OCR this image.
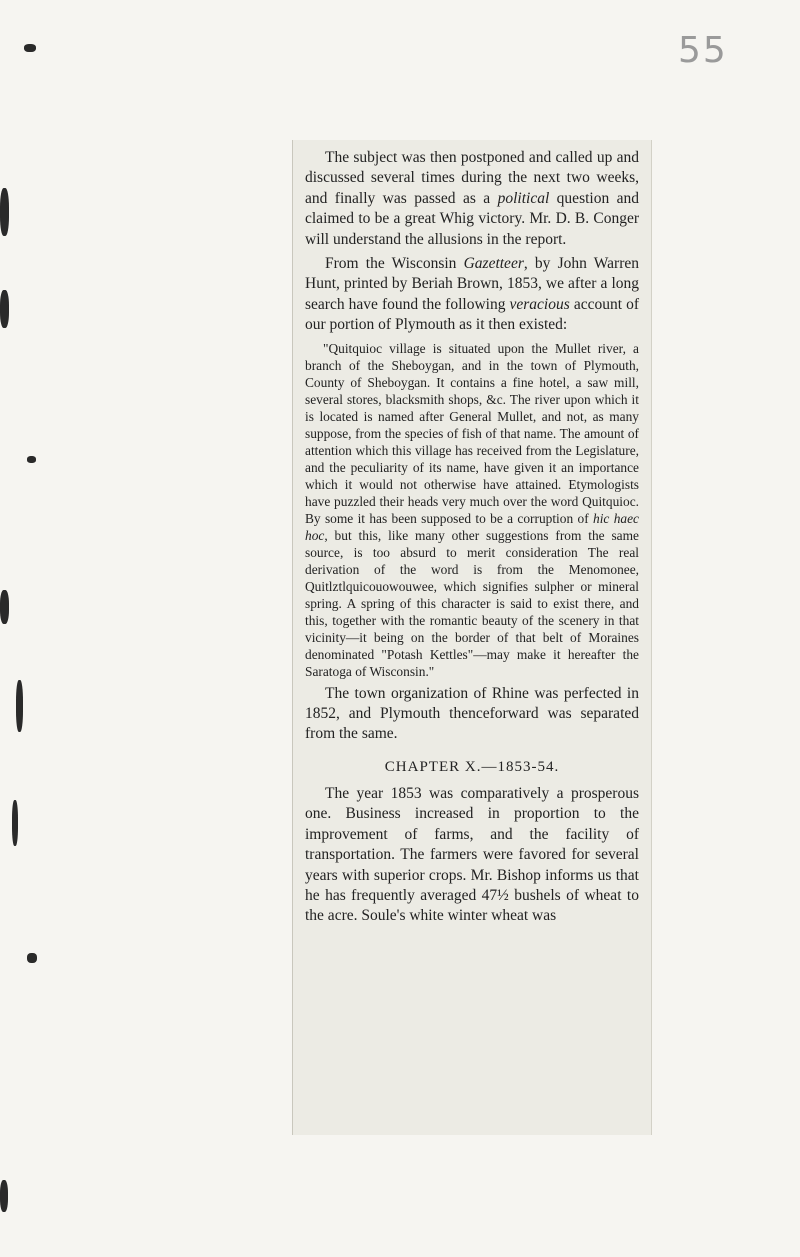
55

The subject was then postponed and called up and discussed several times during the next two weeks, and finally was passed as a political question and claimed to be a great Whig victory. Mr. D. B. Conger will understand the allusions in the report.

From the Wisconsin Gazetteer, by John Warren Hunt, printed by Beriah Brown, 1853, we after a long search have found the following veracious account of our portion of Plymouth as it then existed:

"Quitquioc village is situated upon the Mullet river, a branch of the Sheboygan, and in the town of Plymouth, County of Sheboygan. It contains a fine hotel, a saw mill, several stores, blacksmith shops, &c. The river upon which it is located is named after General Mullet, and not, as many suppose, from the species of fish of that name. The amount of attention which this village has received from the Legislature, and the peculiarity of its name, have given it an importance which it would not otherwise have attained. Etymologists have puzzled their heads very much over the word Quitquioc. By some it has been supposed to be a corruption of hic haec hoc, but this, like many other suggestions from the same source, is too absurd to merit consideration The real derivation of the word is from the Menomonee, Quitlztlquicouowouwee, which signifies sulpher or mineral spring. A spring of this character is said to exist there, and this, together with the romantic beauty of the scenery in that vicinity—it being on the border of that belt of Moraines denominated "Potash Kettles"—may make it hereafter the Saratoga of Wisconsin."

The town organization of Rhine was perfected in 1852, and Plymouth thenceforward was separated from the same.

CHAPTER X.—1853-54.

The year 1853 was comparatively a prosperous one. Business increased in proportion to the improvement of farms, and the facility of transportation. The farmers were favored for several years with superior crops. Mr. Bishop informs us that he has frequently averaged 47½ bushels of wheat to the acre. Soule's white winter wheat was
